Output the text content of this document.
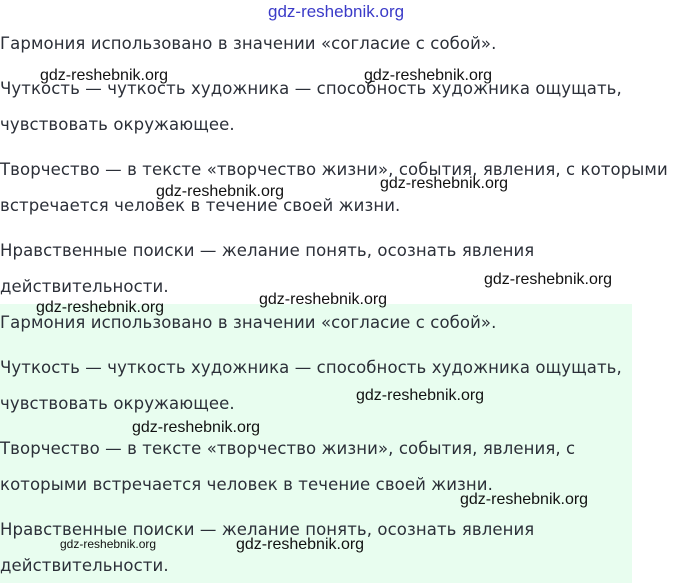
gdz-reshebnik.org
Гармония использовано в значении «согласие с собой».
Чуткость — чуткость художника — способность художника ощущать,
чувствовать окружающее.
Творчество — в тексте «творчество жизни», события, явления, с которыми
встречается человек в течение своей жизни.
Нравственные поиски — желание понять, осознать явления
действительности.
Гармония использовано в значении «согласие с собой».
Чуткость — чуткость художника — способность художника ощущать,
чувствовать окружающее.
Творчество — в тексте «творчество жизни», события, явления, с
которыми встречается человек в течение своей жизни.
Нравственные поиски — желание понять, осознать явления
действительности.
gdz-reshebnik.org	gdz-reshebnik.org
gdz-reshebnik.org	gdz-reshebnik.org
gdz-reshebnik.org
gdz-reshebnik.org	gdz-reshebnik.org
gdz-reshebnik.org
gdz-reshebnik.org
gdz-reshebnik.org
gdz-reshebnik.org	gdz-reshebnik.org
